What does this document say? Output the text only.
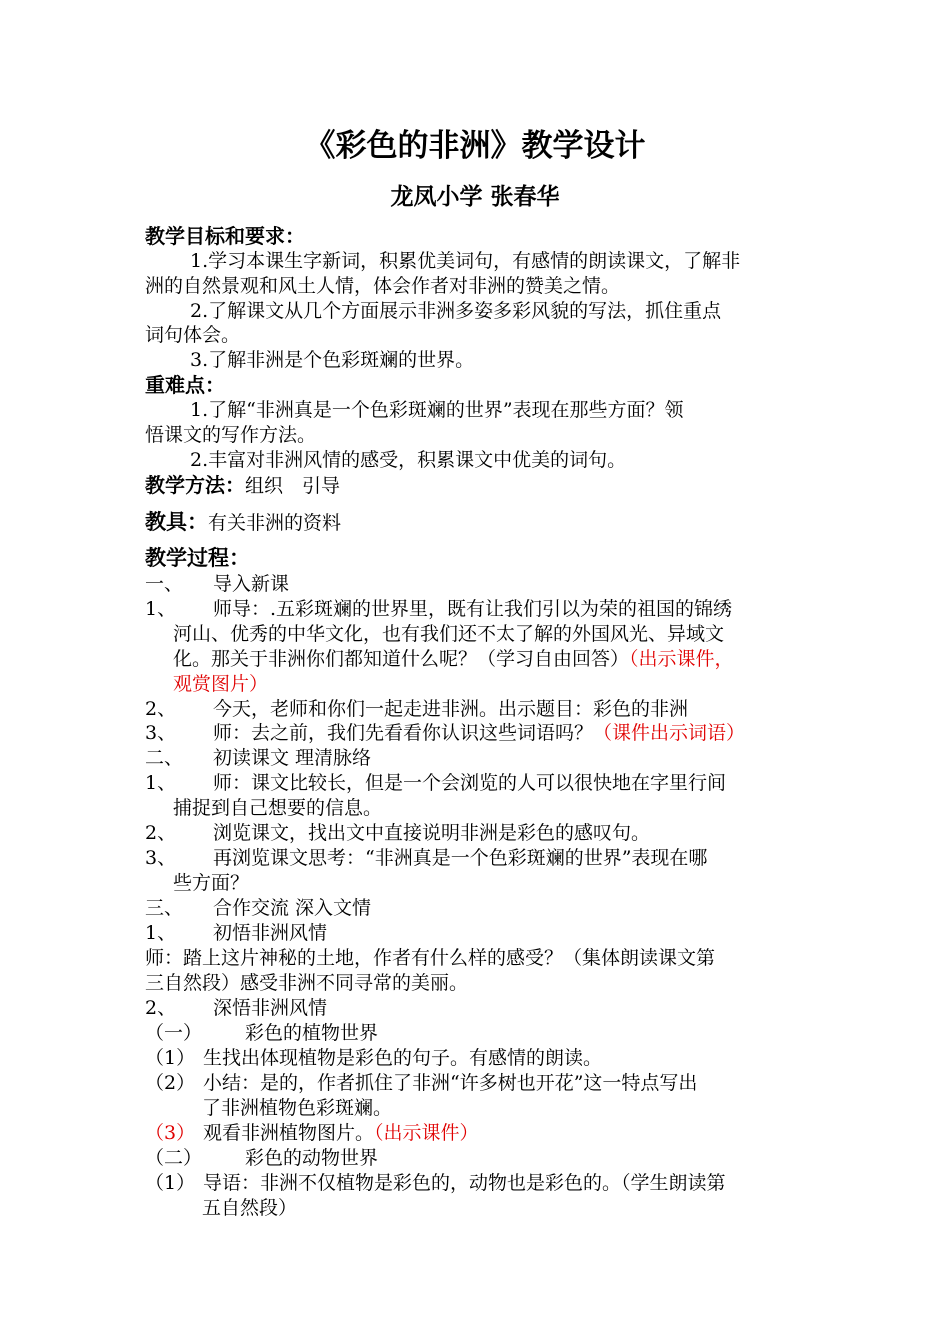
《彩色的非洲》教学设计
龙凤小学 张春华
教学目标和要求：
1.学习本课生字新词，积累优美词句，有感情的朗读课文，了解非
洲的自然景观和风土人情，体会作者对非洲的赞美之情。
2.了解课文从几个方面展示非洲多姿多彩风貌的写法，抓住重点
词句体会。
3.了解非洲是个色彩斑斓的世界。
重难点：
1.了解“非洲真是一个色彩斑斓的世界”表现在那些方面？领
悟课文的写作方法。
2.丰富对非洲风情的感受，积累课文中优美的词句。
教学方法：组织　引导
教具：有关非洲的资料
教学过程：
一、 导入新课
1、 师导：.五彩斑斓的世界里，既有让我们引以为荣的祖国的锦绣
河山、优秀的中华文化，也有我们还不太了解的外国风光、异域文
化。那关于非洲你们都知道什么呢？（学习自由回答）（出示课件，
观赏图片）
2、 今天，老师和你们一起走进非洲。出示题目：彩色的非洲
3、 师：去之前，我们先看看你认识这些词语吗？（课件出示词语）
二、 初读课文 理清脉络
1、 师：课文比较长，但是一个会浏览的人可以很快地在字里行间
捕捉到自己想要的信息。
2、 浏览课文，找出文中直接说明非洲是彩色的感叹句。
3、 再浏览课文思考：“非洲真是一个色彩斑斓的世界”表现在哪
些方面？
三、 合作交流 深入文情
1、 初悟非洲风情
师：踏上这片神秘的土地，作者有什么样的感受？（集体朗读课文第
三自然段）感受非洲不同寻常的美丽。
2、 深悟非洲风情
（一） 彩色的植物世界
（1） 生找出体现植物是彩色的句子。有感情的朗读。
（2） 小结：是的，作者抓住了非洲“许多树也开花”这一特点写出
了非洲植物色彩斑斓。
（3） 观看非洲植物图片。（出示课件）
（二） 彩色的动物世界
（1） 导语：非洲不仅植物是彩色的，动物也是彩色的。（学生朗读第
五自然段）
